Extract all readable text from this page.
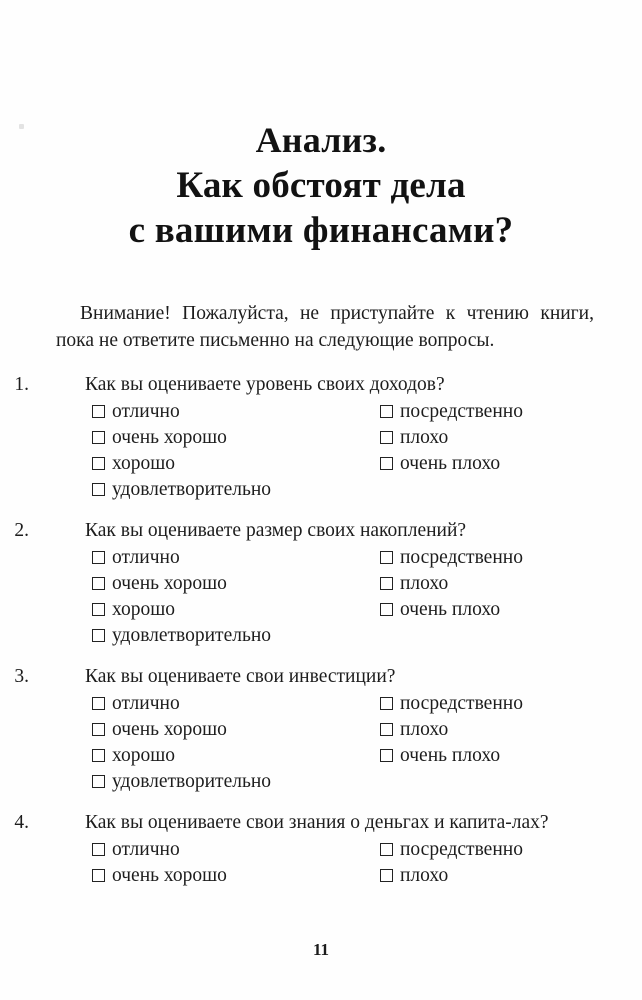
Анализ.
Как обстоят дела
с вашими финансами?

Внимание! Пожалуйста, не приступайте к чтению книги, пока не ответите письменно на следующие вопросы.

1.	Как вы оцениваете уровень своих доходов?

отлично	посредственно
очень хорошо	плохо
хорошо	очень плохо
удовлетворительно
2.	Как вы оцениваете размер своих накоплений?

отлично	посредственно
очень хорошо	плохо
хорошо	очень плохо
удовлетворительно
3.	Как вы оцениваете свои инвестиции?

отлично	посредственно
очень хорошо	плохо
хорошо	очень плохо
удовлетворительно
4.	Как вы оцениваете свои знания о деньгах и капита-лах?

отлично	посредственно
очень хорошо	плохо
11
